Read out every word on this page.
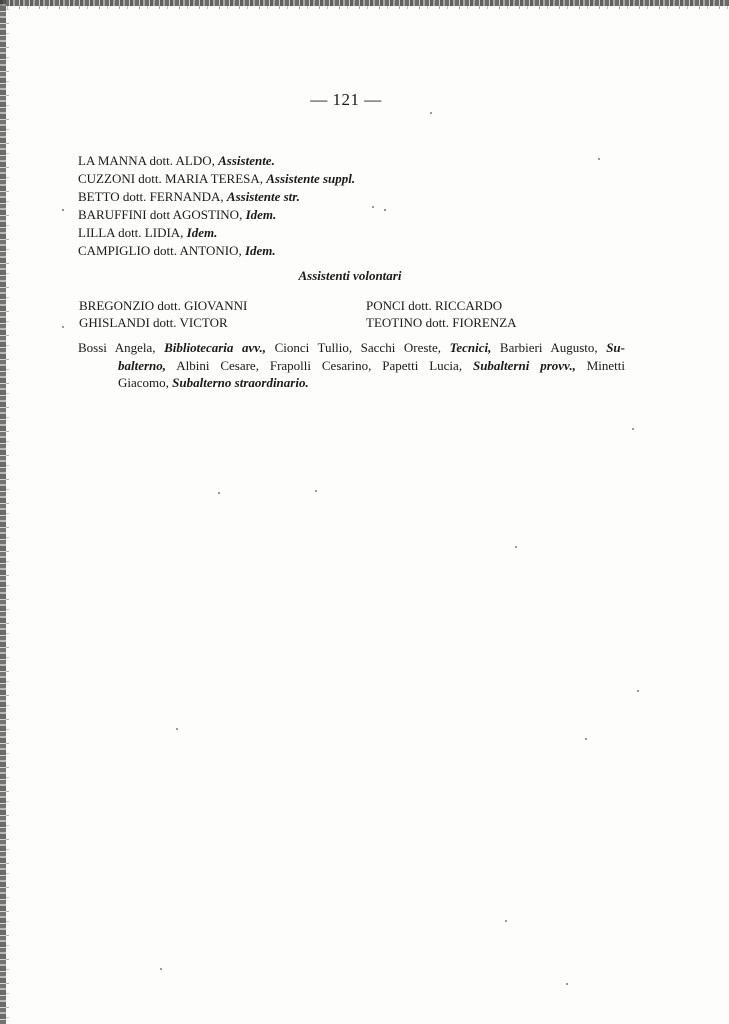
— 121 —
LA MANNA dott. ALDO, Assistente.
CUZZONI dott. MARIA TERESA, Assistente suppl.
BETTO dott. FERNANDA, Assistente str.
BARUFFINI dott AGOSTINO, Idem.
LILLA dott. LIDIA, Idem.
CAMPIGLIO dott. ANTONIO, Idem.
Assistenti volontari
BREGONZIO dott. GIOVANNI
GHISLANDI dott. VICTOR
PONCI dott. RICCARDO
TEOTINO dott. FIORENZA
Bossi Angela, Bibliotecaria avv., Cionci Tullio, Sacchi Oreste, Tecnici, Barbieri Augusto, Su-
balterno, Albini Cesare, Frapolli Cesarino, Papetti Lucia, Subalterni provv., Minetti
Giacomo, Subalterno straordinario.
